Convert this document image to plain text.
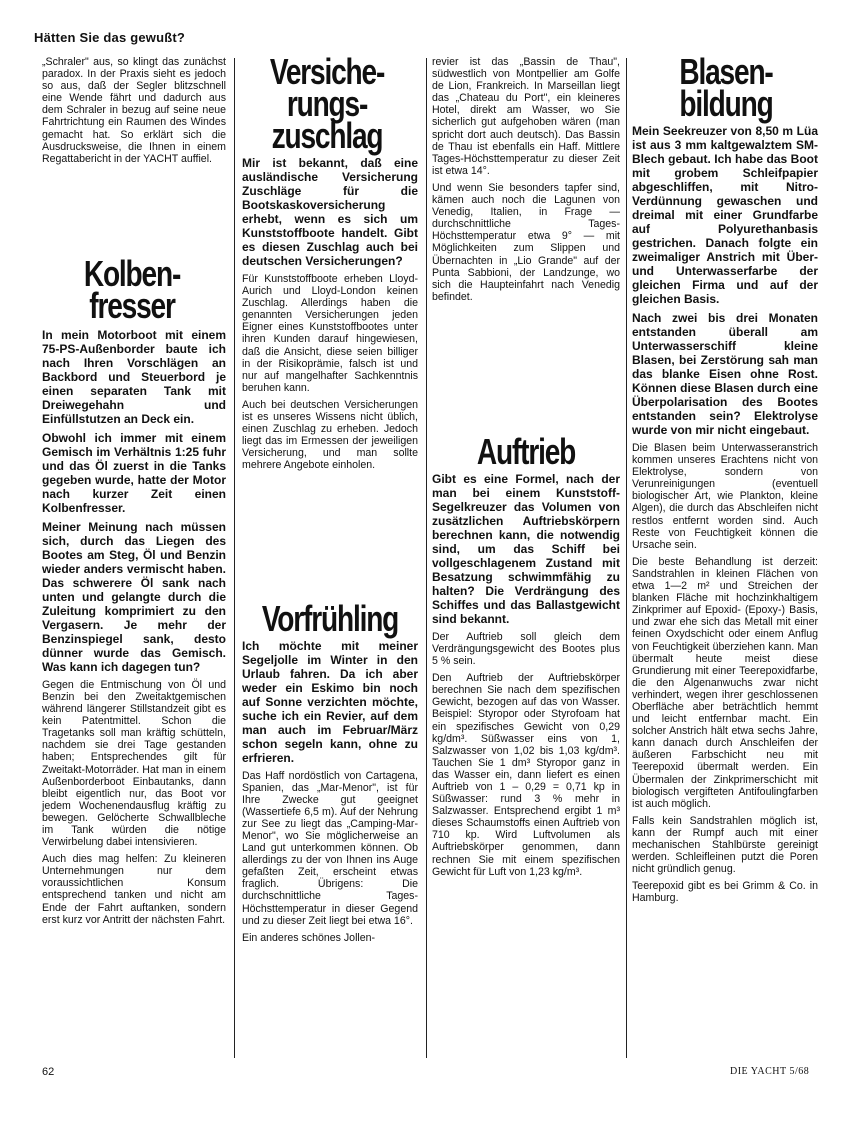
Hätten Sie das gewußt?

„Schraler" aus, so klingt das zunächst paradox. In der Praxis sieht es jedoch so aus, daß der Segler blitzschnell eine Wende fährt und dadurch aus dem Schraler in bezug auf seine neue Fahrtrichtung ein Raumen des Windes gemacht hat. So erklärt sich die Ausdrucksweise, die Ihnen in einem Regattabericht in der YACHT auffiel.

Kolben-
fresser

In mein Motorboot mit einem 75-PS-Außenborder baute ich nach Ihren Vorschlägen an Backbord und Steuerbord je einen separaten Tank mit Dreiwegehahn und Einfüllstutzen an Deck ein.

Obwohl ich immer mit einem Gemisch im Verhältnis 1:25 fuhr und das Öl zuerst in die Tanks gegeben wurde, hatte der Motor nach kurzer Zeit einen Kolbenfresser.

Meiner Meinung nach müssen sich, durch das Liegen des Bootes am Steg, Öl und Benzin wieder anders vermischt haben. Das schwerere Öl sank nach unten und gelangte durch die Zuleitung komprimiert zu den Vergasern. Je mehr der Benzinspiegel sank, desto dünner wurde das Gemisch. Was kann ich dagegen tun?

Gegen die Entmischung von Öl und Benzin bei den Zweitaktgemischen während längerer Stillstandzeit gibt es kein Patentmittel. Schon die Tragetanks soll man kräftig schütteln, nachdem sie drei Tage gestanden haben; Entsprechendes gilt für Zweitakt-Motorräder. Hat man in einem Außenborderboot Einbautanks, dann bleibt eigentlich nur, das Boot vor jedem Wochenendausflug kräftig zu bewegen. Gelöcherte Schwallbleche im Tank würden die nötige Verwirbelung dabei intensivieren.

Auch dies mag helfen: Zu kleineren Unternehmungen nur dem voraussichtlichen Konsum entsprechend tanken und nicht am Ende der Fahrt auftanken, sondern erst kurz vor Antritt der nächsten Fahrt.

Versiche-
rungs-
zuschlag

Mir ist bekannt, daß eine ausländische Versicherung Zuschläge für die Bootskaskoversicherung erhebt, wenn es sich um Kunststoffboote handelt. Gibt es diesen Zuschlag auch bei deutschen Versicherungen?

Für Kunststoffboote erheben Lloyd-Aurich und Lloyd-London keinen Zuschlag. Allerdings haben die genannten Versicherungen jeden Eigner eines Kunststoffbootes unter ihren Kunden darauf hingewiesen, daß die Ansicht, diese seien billiger in der Risikoprämie, falsch ist und nur auf mangelhafter Sachkenntnis beruhen kann.

Auch bei deutschen Versicherungen ist es unseres Wissens nicht üblich, einen Zuschlag zu erheben. Jedoch liegt das im Ermessen der jeweiligen Versicherung, und man sollte mehrere Angebote einholen.

Vorfrühling

Ich möchte mit meiner Segeljolle im Winter in den Urlaub fahren. Da ich aber weder ein Eskimo bin noch auf Sonne verzichten möchte, suche ich ein Revier, auf dem man auch im Februar/März schon segeln kann, ohne zu erfrieren.

Das Haff nordöstlich von Cartagena, Spanien, das „Mar-Menor", ist für Ihre Zwecke gut geeignet (Wassertiefe 6,5 m). Auf der Nehrung zur See zu liegt das „Camping-Mar-Menor", wo Sie möglicherweise an Land gut unterkommen können. Ob allerdings zu der von Ihnen ins Auge gefaßten Zeit, erscheint etwas fraglich. Übrigens: Die durchschnittliche Tages-Höchsttemperatur in dieser Gegend und zu dieser Zeit liegt bei etwa 16°.

Ein anderes schönes Jollen-

revier ist das „Bassin de Thau", südwestlich von Montpellier am Golfe de Lion, Frankreich. In Marseillan liegt das „Chateau du Port", ein kleineres Hotel, direkt am Wasser, wo Sie sicherlich gut aufgehoben wären (man spricht dort auch deutsch). Das Bassin de Thau ist ebenfalls ein Haff. Mittlere Tages-Höchsttemperatur zu dieser Zeit ist etwa 14°.

Und wenn Sie besonders tapfer sind, kämen auch noch die Lagunen von Venedig, Italien, in Frage — durchschnittliche Tages-Höchsttemperatur etwa 9° — mit Möglichkeiten zum Slippen und Übernachten in „Lio Grande" auf der Punta Sabbioni, der Landzunge, wo sich die Haupteinfahrt nach Venedig befindet.

Auftrieb

Gibt es eine Formel, nach der man bei einem Kunststoff-Segelkreuzer das Volumen von zusätzlichen Auftriebskörpern berechnen kann, die notwendig sind, um das Schiff bei vollgeschlagenem Zustand mit Besatzung schwimmfähig zu halten? Die Verdrängung des Schiffes und das Ballastgewicht sind bekannt.

Der Auftrieb soll gleich dem Verdrängungsgewicht des Bootes plus 5 % sein.

Den Auftrieb der Auftriebskörper berechnen Sie nach dem spezifischen Gewicht, bezogen auf das von Wasser. Beispiel: Styropor oder Styrofoam hat ein spezifisches Gewicht von 0,29 kg/dm³. Süßwasser eins von 1, Salzwasser von 1,02 bis 1,03 kg/dm³. Tauchen Sie 1 dm³ Styropor ganz in das Wasser ein, dann liefert es einen Auftrieb von 1 – 0,29 = 0,71 kp in Süßwasser: rund 3 % mehr in Salzwasser. Entsprechend ergibt 1 m³ dieses Schaumstoffs einen Auftrieb von 710 kp. Wird Luftvolumen als Auftriebskörper genommen, dann rechnen Sie mit einem spezifischen Gewicht für Luft von 1,23 kg/m³.

Blasen-
bildung

Mein Seekreuzer von 8,50 m Lüa ist aus 3 mm kaltgewalztem SM-Blech gebaut. Ich habe das Boot mit grobem Schleifpapier abgeschliffen, mit Nitro-Verdünnung gewaschen und dreimal mit einer Grundfarbe auf Polyurethanbasis gestrichen. Danach folgte ein zweimaliger Anstrich mit Über- und Unterwasserfarbe der gleichen Firma und auf der gleichen Basis.

Nach zwei bis drei Monaten entstanden überall am Unterwasserschiff kleine Blasen, bei Zerstörung sah man das blanke Eisen ohne Rost. Können diese Blasen durch eine Überpolarisation des Bootes entstanden sein? Elektrolyse wurde von mir nicht eingebaut.

Die Blasen beim Unterwasseranstrich kommen unseres Erachtens nicht von Elektrolyse, sondern von Verunreinigungen (eventuell biologischer Art, wie Plankton, kleine Algen), die durch das Abschleifen nicht restlos entfernt worden sind. Auch Reste von Feuchtigkeit können die Ursache sein.

Die beste Behandlung ist derzeit: Sandstrahlen in kleinen Flächen von etwa 1—2 m² und Streichen der blanken Fläche mit hochzinkhaltigem Zinkprimer auf Epoxid- (Epoxy-) Basis, und zwar ehe sich das Metall mit einer feinen Oxydschicht oder einem Anflug von Feuchtigkeit überziehen kann. Man übermalt heute meist diese Grundierung mit einer Teerepoxidfarbe, die den Algenanwuchs zwar nicht verhindert, wegen ihrer geschlossenen Oberfläche aber beträchtlich hemmt und leicht entfernbar macht. Ein solcher Anstrich hält etwa sechs Jahre, kann danach durch Anschleifen der äußeren Farbschicht neu mit Teerepoxid übermalt werden. Ein Übermalen der Zinkprimerschicht mit biologisch vergifteten Antifoulingfarben ist auch möglich.

Falls kein Sandstrahlen möglich ist, kann der Rumpf auch mit einer mechanischen Stahlbürste gereinigt werden. Schleifleinen putzt die Poren nicht gründlich genug.

Teerepoxid gibt es bei Grimm & Co. in Hamburg.

62	DIE YACHT 5/68
